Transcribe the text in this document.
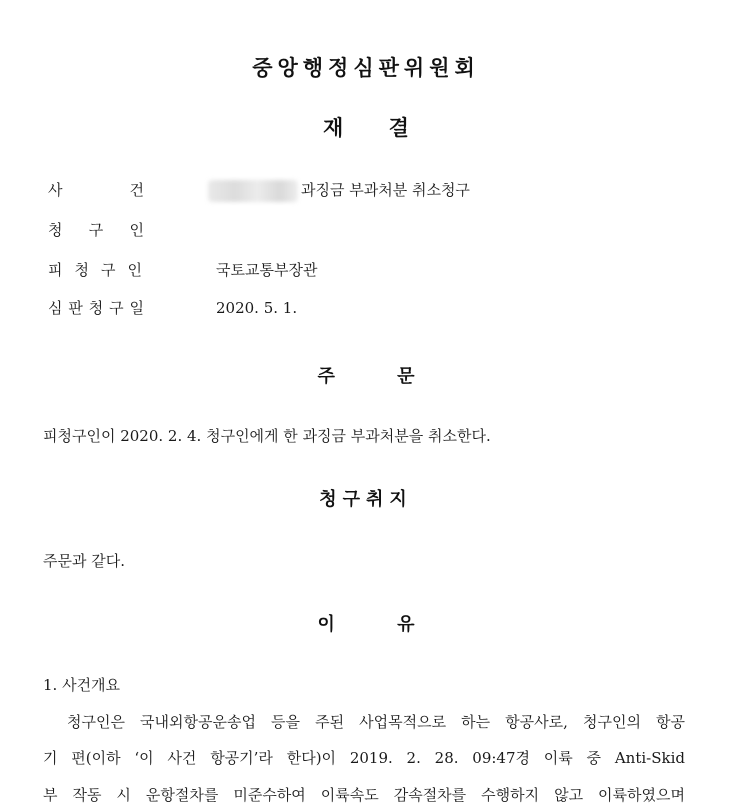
중앙행정심판위원회
재 결
사	건	과징금 부과처분 취소청구
청 구 인
피 청 구 인	국토교통부장관
심 판 청 구 일	2020. 5. 1.
주 문
피청구인이 2020. 2. 4. 청구인에게 한 과징금 부과처분을 취소한다.
청구취지
주문과 같다.
이 유
1. 사건개요
청구인은 국내외항공운송업 등을 주된 사업목적으로 하는 항공사로, 청구인의 항공
기 편(이하 ‘이 사건 항공기’라 한다)이 2019. 2. 28. 09:47경 이륙 중 Anti-Skid
부 작동 시 운항절차를 미준수하여 이륙속도 감속절차를 수행하지 않고 이륙하였으며
